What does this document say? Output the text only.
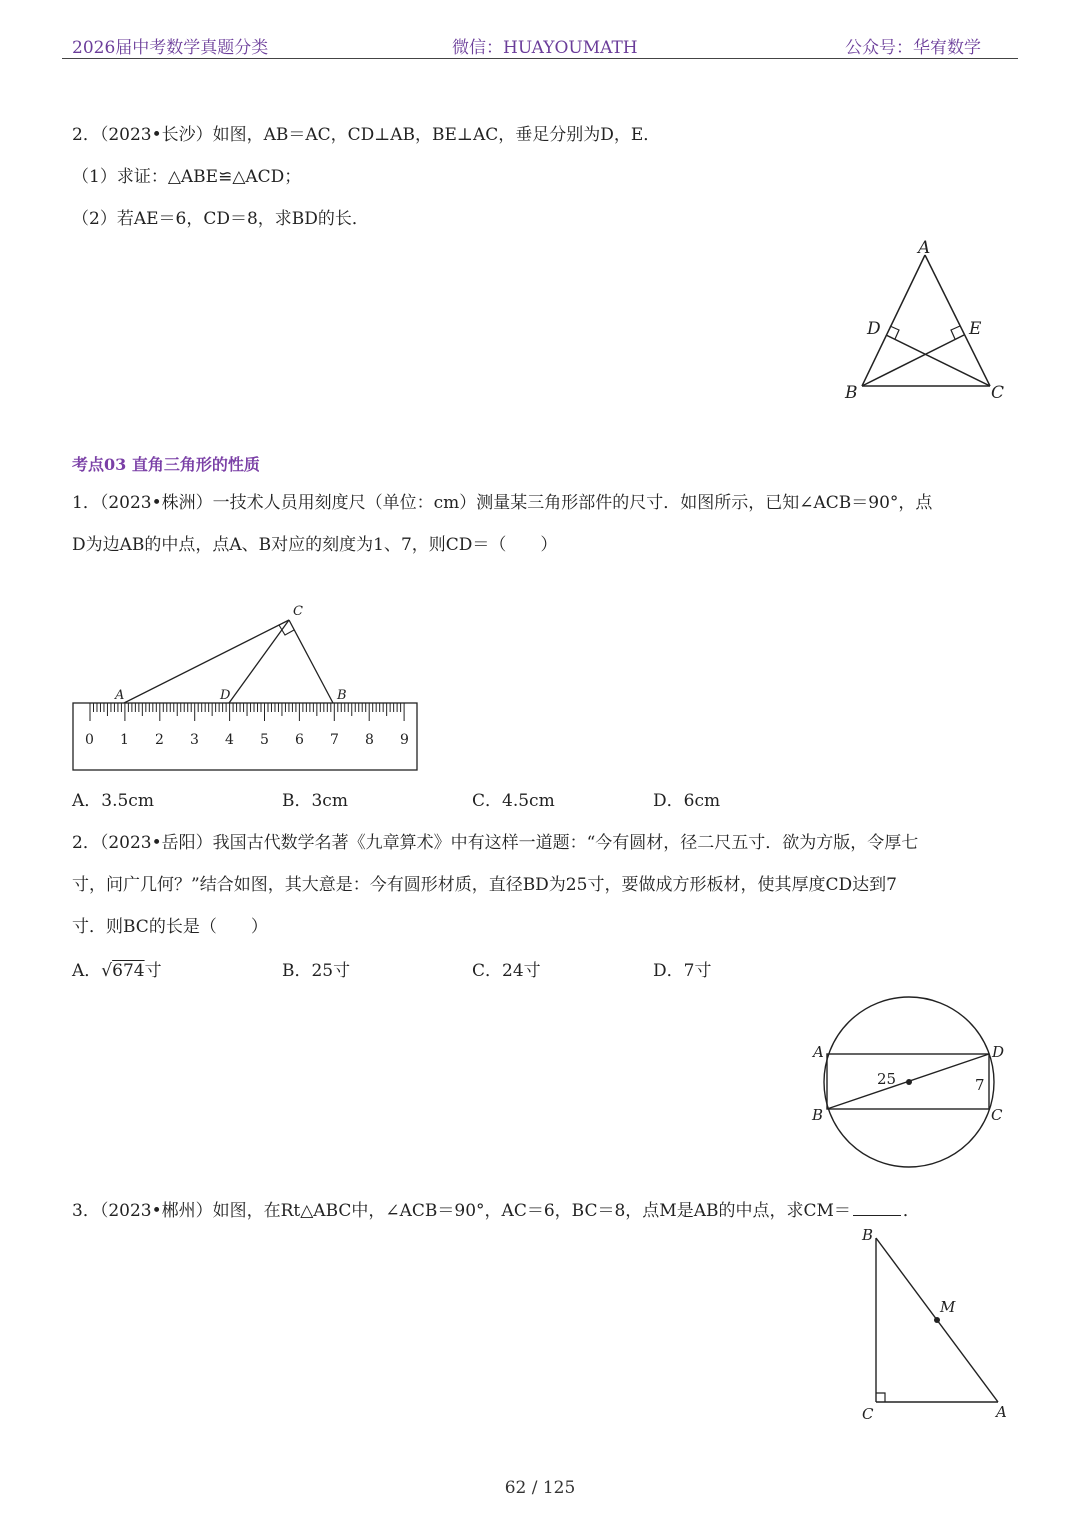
2026届中考数学真题分类	微信：HUAYOUMATH	公众号：华宥数学
2．（2023•长沙）如图，AB＝AC，CD⊥AB，BE⊥AC，垂足分别为D，E．
（1）求证：△ABE≌△ACD；
（2）若AE＝6，CD＝8，求BD的长．
A
B	C
D	E
考点03 直角三角形的性质
1．（2023•株洲）一技术人员用刻度尺（单位：cm）测量某三角形部件的尺寸．如图所示，已知∠ACB＝90°，点
D为边AB的中点，点A、B对应的刻度为1、7，则CD＝（　　）
0 1 2 3 4 5 6 7 8 9
A	D	B
C
A．3.5cm	B．3cm	C．4.5cm	D．6cm
2．（2023•岳阳）我国古代数学名著《九章算术》中有这样一道题：“今有圆材，径二尺五寸．欲为方版，令厚七
寸，问广几何？”结合如图，其大意是：今有圆形材质，直径BD为25寸，要做成方形板材，使其厚度CD达到7
寸．则BC的长是（　　）
A．√674寸	B．25寸	C．24寸	D．7寸
A
B	C
D
25	7
3．（2023•郴州）如图，在Rt△ABC中，∠ACB＝90°，AC＝6，BC＝8，点M是AB的中点，求CM＝	．
B
C	A
M
62 / 125
